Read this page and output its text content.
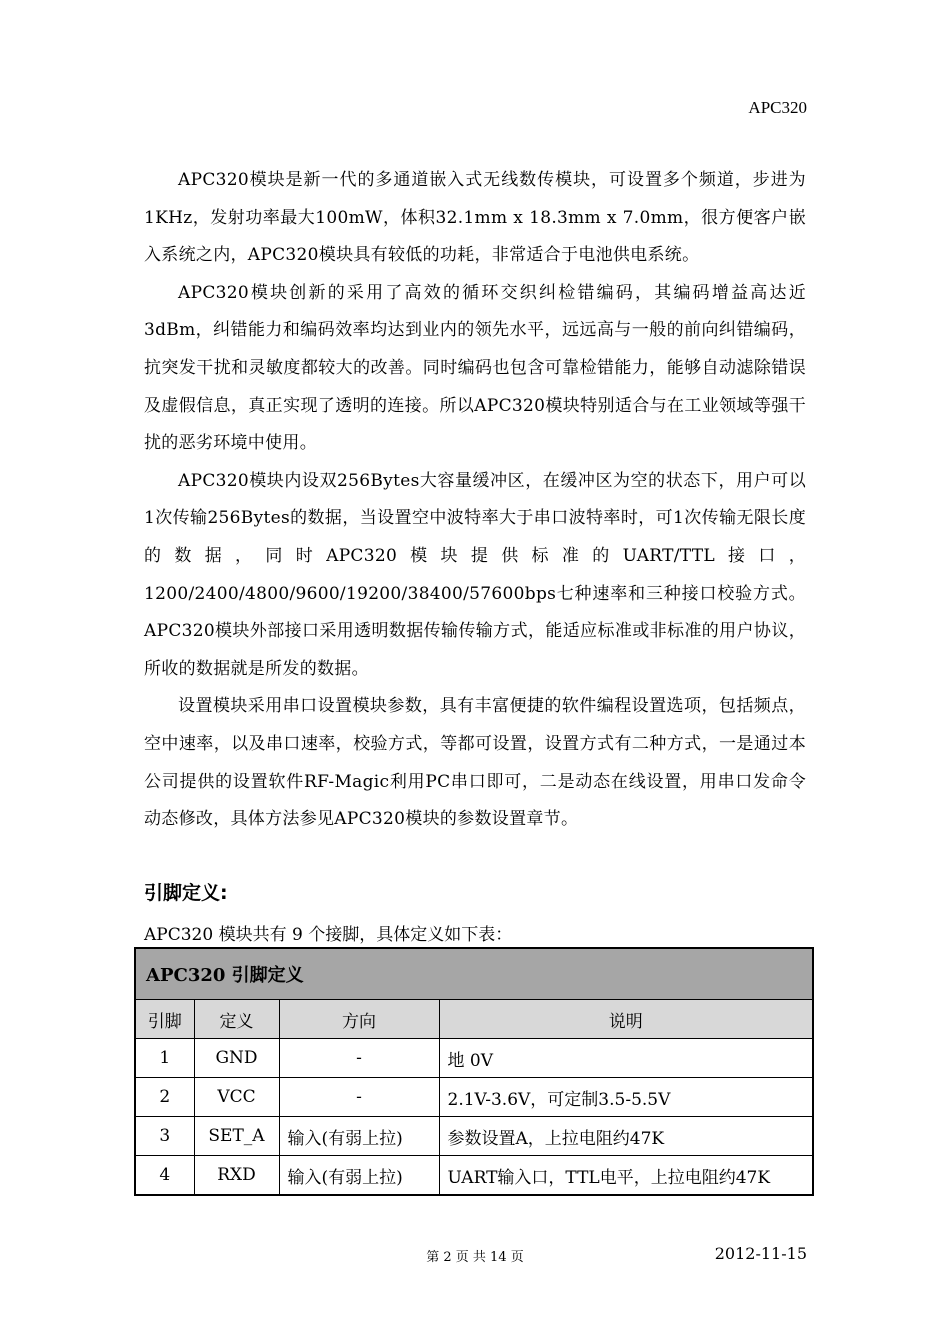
APC320

APC320模块是新一代的多通道嵌入式无线数传模块，可设置多个频道，步进为1KHz，发射功率最大100mW，体积32.1mm x 18.3mm x 7.0mm，很方便客户嵌入系统之内，APC320模块具有较低的功耗，非常适合于电池供电系统。

APC320模块创新的采用了高效的循环交织纠检错编码，其编码增益高达近3dBm，纠错能力和编码效率均达到业内的领先水平，远远高与一般的前向纠错编码，抗突发干扰和灵敏度都较大的改善。同时编码也包含可靠检错能力，能够自动滤除错误及虚假信息，真正实现了透明的连接。所以APC320模块特别适合与在工业领域等强干扰的恶劣环境中使用。

APC320模块内设双256Bytes大容量缓冲区，在缓冲区为空的状态下，用户可以1次传输256Bytes的数据，当设置空中波特率大于串口波特率时，可1次传输无限长度的数据，同时APC320模块提供标准的UART/TTL接口，1200/2400/4800/9600/19200/38400/57600bps七种速率和三种接口校验方式。APC320模块外部接口采用透明数据传输传输方式，能适应标准或非标准的用户协议，所收的数据就是所发的数据。

设置模块采用串口设置模块参数，具有丰富便捷的软件编程设置选项，包括频点，空中速率，以及串口速率，校验方式，等都可设置，设置方式有二种方式，一是通过本公司提供的设置软件RF-Magic利用PC串口即可，二是动态在线设置，用串口发命令动态修改，具体方法参见APC320模块的参数设置章节。

引脚定义:
APC320 模块共有 9 个接脚，具体定义如下表：
APC320 引脚定义			
引脚	定义	方向	说明
1	GND	-	地 0V
2	VCC	-	2.1V-3.6V，可定制3.5-5.5V
3	SET_A	输入(有弱上拉)	参数设置A，上拉电阻约47K
4	RXD	输入(有弱上拉)	UART输入口，TTL电平，上拉电阻约47K
第 2 页 共 14 页	2012-11-15
